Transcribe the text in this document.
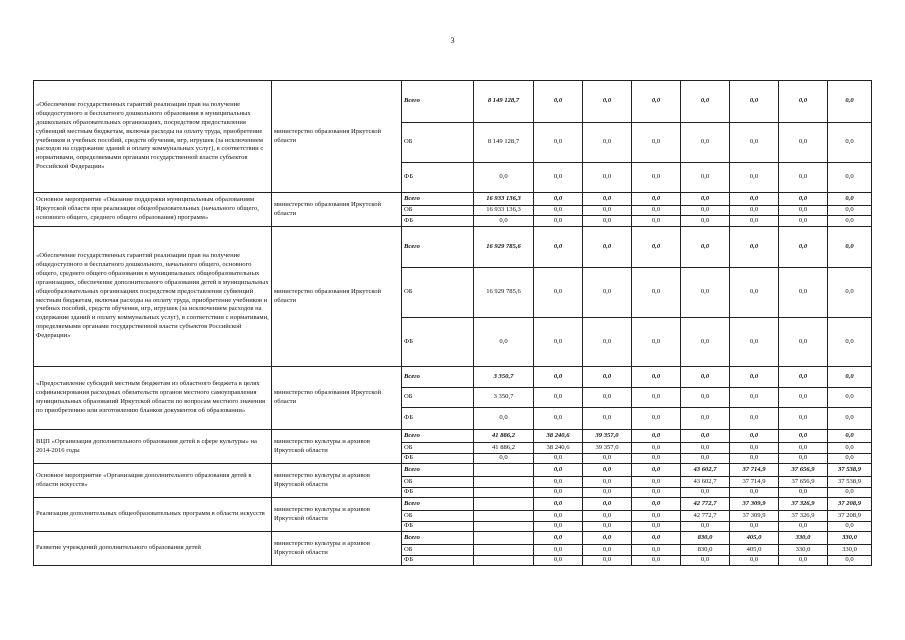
3
«Обеспечение государственных гарантий реализации прав на получение общедоступного и бесплатного дошкольного образования в муниципальных дошкольных образовательных организациях, посредством предоставления субвенций местным бюджетам, включая расходы на оплату труда, приобретение учебников и учебных пособий, средств обучения, игр, игрушек (за исключением расходов на содержание зданий и оплату коммунальных услуг), в соответствии с нормативами, определяемыми органами государственной власти субъектов Российской Федерации»	министерство образования Иркутской области	Всего	8 149 128,7	0,0	0,0	0,0	0,0	0,0	0,0	0,0
		ОБ	8 149 128,7	0,0	0,0	0,0	0,0	0,0	0,0	0,0
		ФБ	0,0	0,0	0,0	0,0	0,0	0,0	0,0	0,0
Основное мероприятие «Оказание поддержки муниципальным образованиям Иркутской области при реализации общеобразовательных (начального общего, основного общего, среднего общего образования) программ»	министерство образования Иркутской области	Всего	16 933 136,3	0,0	0,0	0,0	0,0	0,0	0,0	0,0
		ОБ	16 933 136,3	0,0	0,0	0,0	0,0	0,0	0,0	0,0
		ФБ	0,0	0,0	0,0	0,0	0,0	0,0	0,0	0,0
«Обеспечение государственных гарантий реализации прав на получение общедоступного и бесплатного дошкольного, начального общего, основного общего, среднего общего образования в муниципальных общеобразовательных организациях, обеспечение дополнительного образования детей в муниципальных общеобразовательных организациях посредством предоставления субвенций местным бюджетам, включая расходы на оплату труда, приобретение учебников и учебных пособий, средств обучения, игр, игрушек (за исключением расходов на содержание зданий и оплату коммунальных услуг), в соответствии с нормативами, определяемыми органами государственной власти субъектов Российской Федерации»	министерство образования Иркутской области	Всего	16 929 785,6	0,0	0,0	0,0	0,0	0,0	0,0	0,0
		ОБ	16 929 785,6	0,0	0,0	0,0	0,0	0,0	0,0	0,0
		ФБ	0,0	0,0	0,0	0,0	0,0	0,0	0,0	0,0
«Предоставление субсидий местным бюджетам из областного бюджета в целях софинансирования расходных обязательств органов местного самоуправления муниципальных образований Иркутской области по вопросам местного значения по приобретению или изготовлению бланков документов об образовании»	министерство образования Иркутской области	Всего	3 350,7	0,0	0,0	0,0	0,0	0,0	0,0	0,0
		ОБ	3 350,7	0,0	0,0	0,0	0,0	0,0	0,0	0,0
		ФБ	0,0	0,0	0,0	0,0	0,0	0,0	0,0	0,0
ВЦП «Организация дополнительного образования детей в сфере культуры» на 2014-2016 годы	министерство культуры и архивов Иркутской области	Всего	41 886,2	38 240,6	39 357,0	0,0	0,0	0,0	0,0	0,0
		ОБ	41 886,2	38 240,6	39 357,0	0,0	0,0	0,0	0,0	0,0
		ФБ	0,0	0,0	0,0	0,0	0,0	0,0	0,0	0,0
Основное мероприятие «Организация дополнительного образования детей в области искусств»	министерство культуры и архивов Иркутской области	Всего		0,0	0,0	0,0	43 602,7	37 714,9	37 656,9	37 538,9
		ОБ		0,0	0,0	0,0	43 602,7	37 714,9	37 656,9	37 538,9
		ФБ		0,0	0,0	0,0	0,0	0,0	0,0	0,0
Реализация дополнительных общеобразовательных программ в области искусств	министерство культуры и архивов Иркутской области	Всего		0,0	0,0	0,0	42 772,7	37 309,9	37 326,9	37 208,9
		ОБ		0,0	0,0	0,0	42 772,7	37 309,9	37 326,9	37 208,9
		ФБ		0,0	0,0	0,0	0,0	0,0	0,0	0,0
Развитие учреждений дополнительного образования детей	министерство культуры и архивов Иркутской области	Всего		0,0	0,0	0,0	830,0	405,0	330,0	330,0
		ОБ		0,0	0,0	0,0	830,0	405,0	330,0	330,0
		ФБ		0,0	0,0	0,0	0,0	0,0	0,0	0,0
